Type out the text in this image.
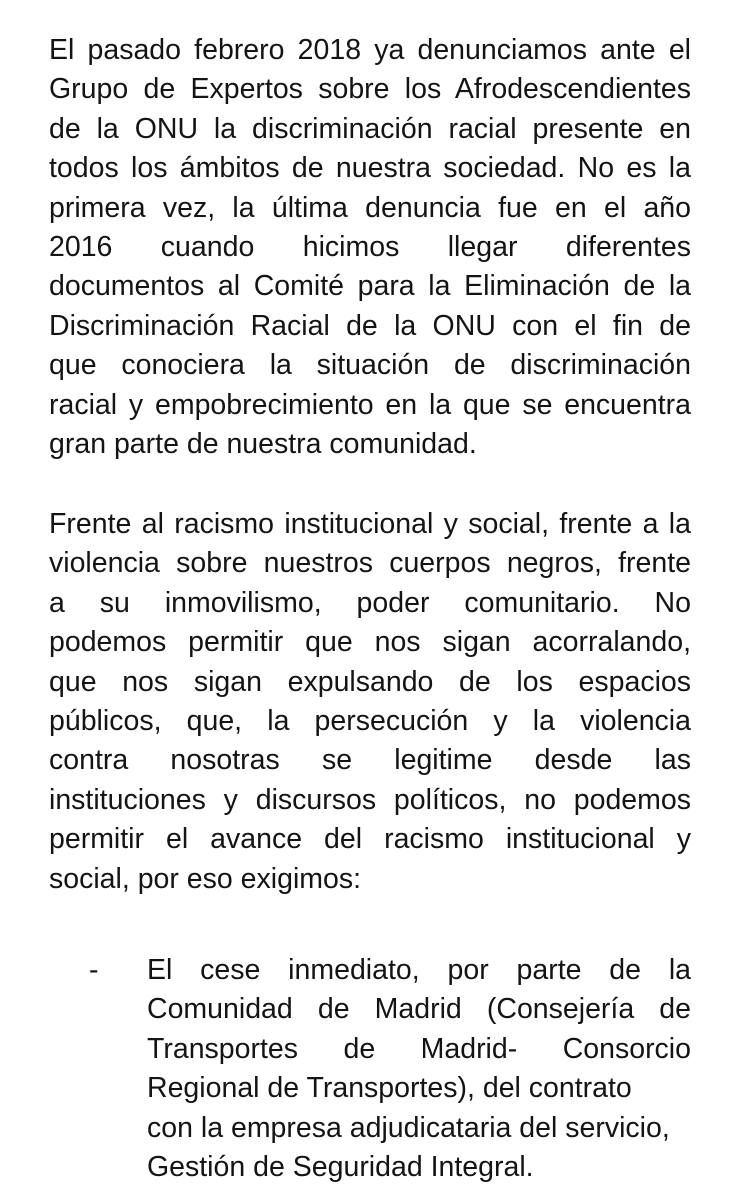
El pasado febrero 2018 ya denunciamos ante el
Grupo de Expertos sobre los Afrodescendientes
de la ONU la discriminación racial presente en
todos los ámbitos de nuestra sociedad. No es la
primera vez, la última denuncia fue en el año
2016 cuando hicimos llegar diferentes
documentos al Comité para la Eliminación de la
Discriminación Racial de la ONU con el fin de
que conociera la situación de discriminación
racial y empobrecimiento en la que se encuentra
gran parte de nuestra comunidad.
Frente al racismo institucional y social, frente a la
violencia sobre nuestros cuerpos negros, frente
a su inmovilismo, poder comunitario. No
podemos permitir que nos sigan acorralando,
que nos sigan expulsando de los espacios
públicos, que, la persecución y la violencia
contra nosotras se legitime desde las
instituciones y discursos políticos, no podemos
permitir el avance del racismo institucional y
social, por eso exigimos:
- El cese inmediato, por parte de la
Comunidad de Madrid (Consejería de
Transportes de Madrid- Consorcio
Regional de Transportes), del contrato
con la empresa adjudicataria del servicio,
Gestión de Seguridad Integral.
